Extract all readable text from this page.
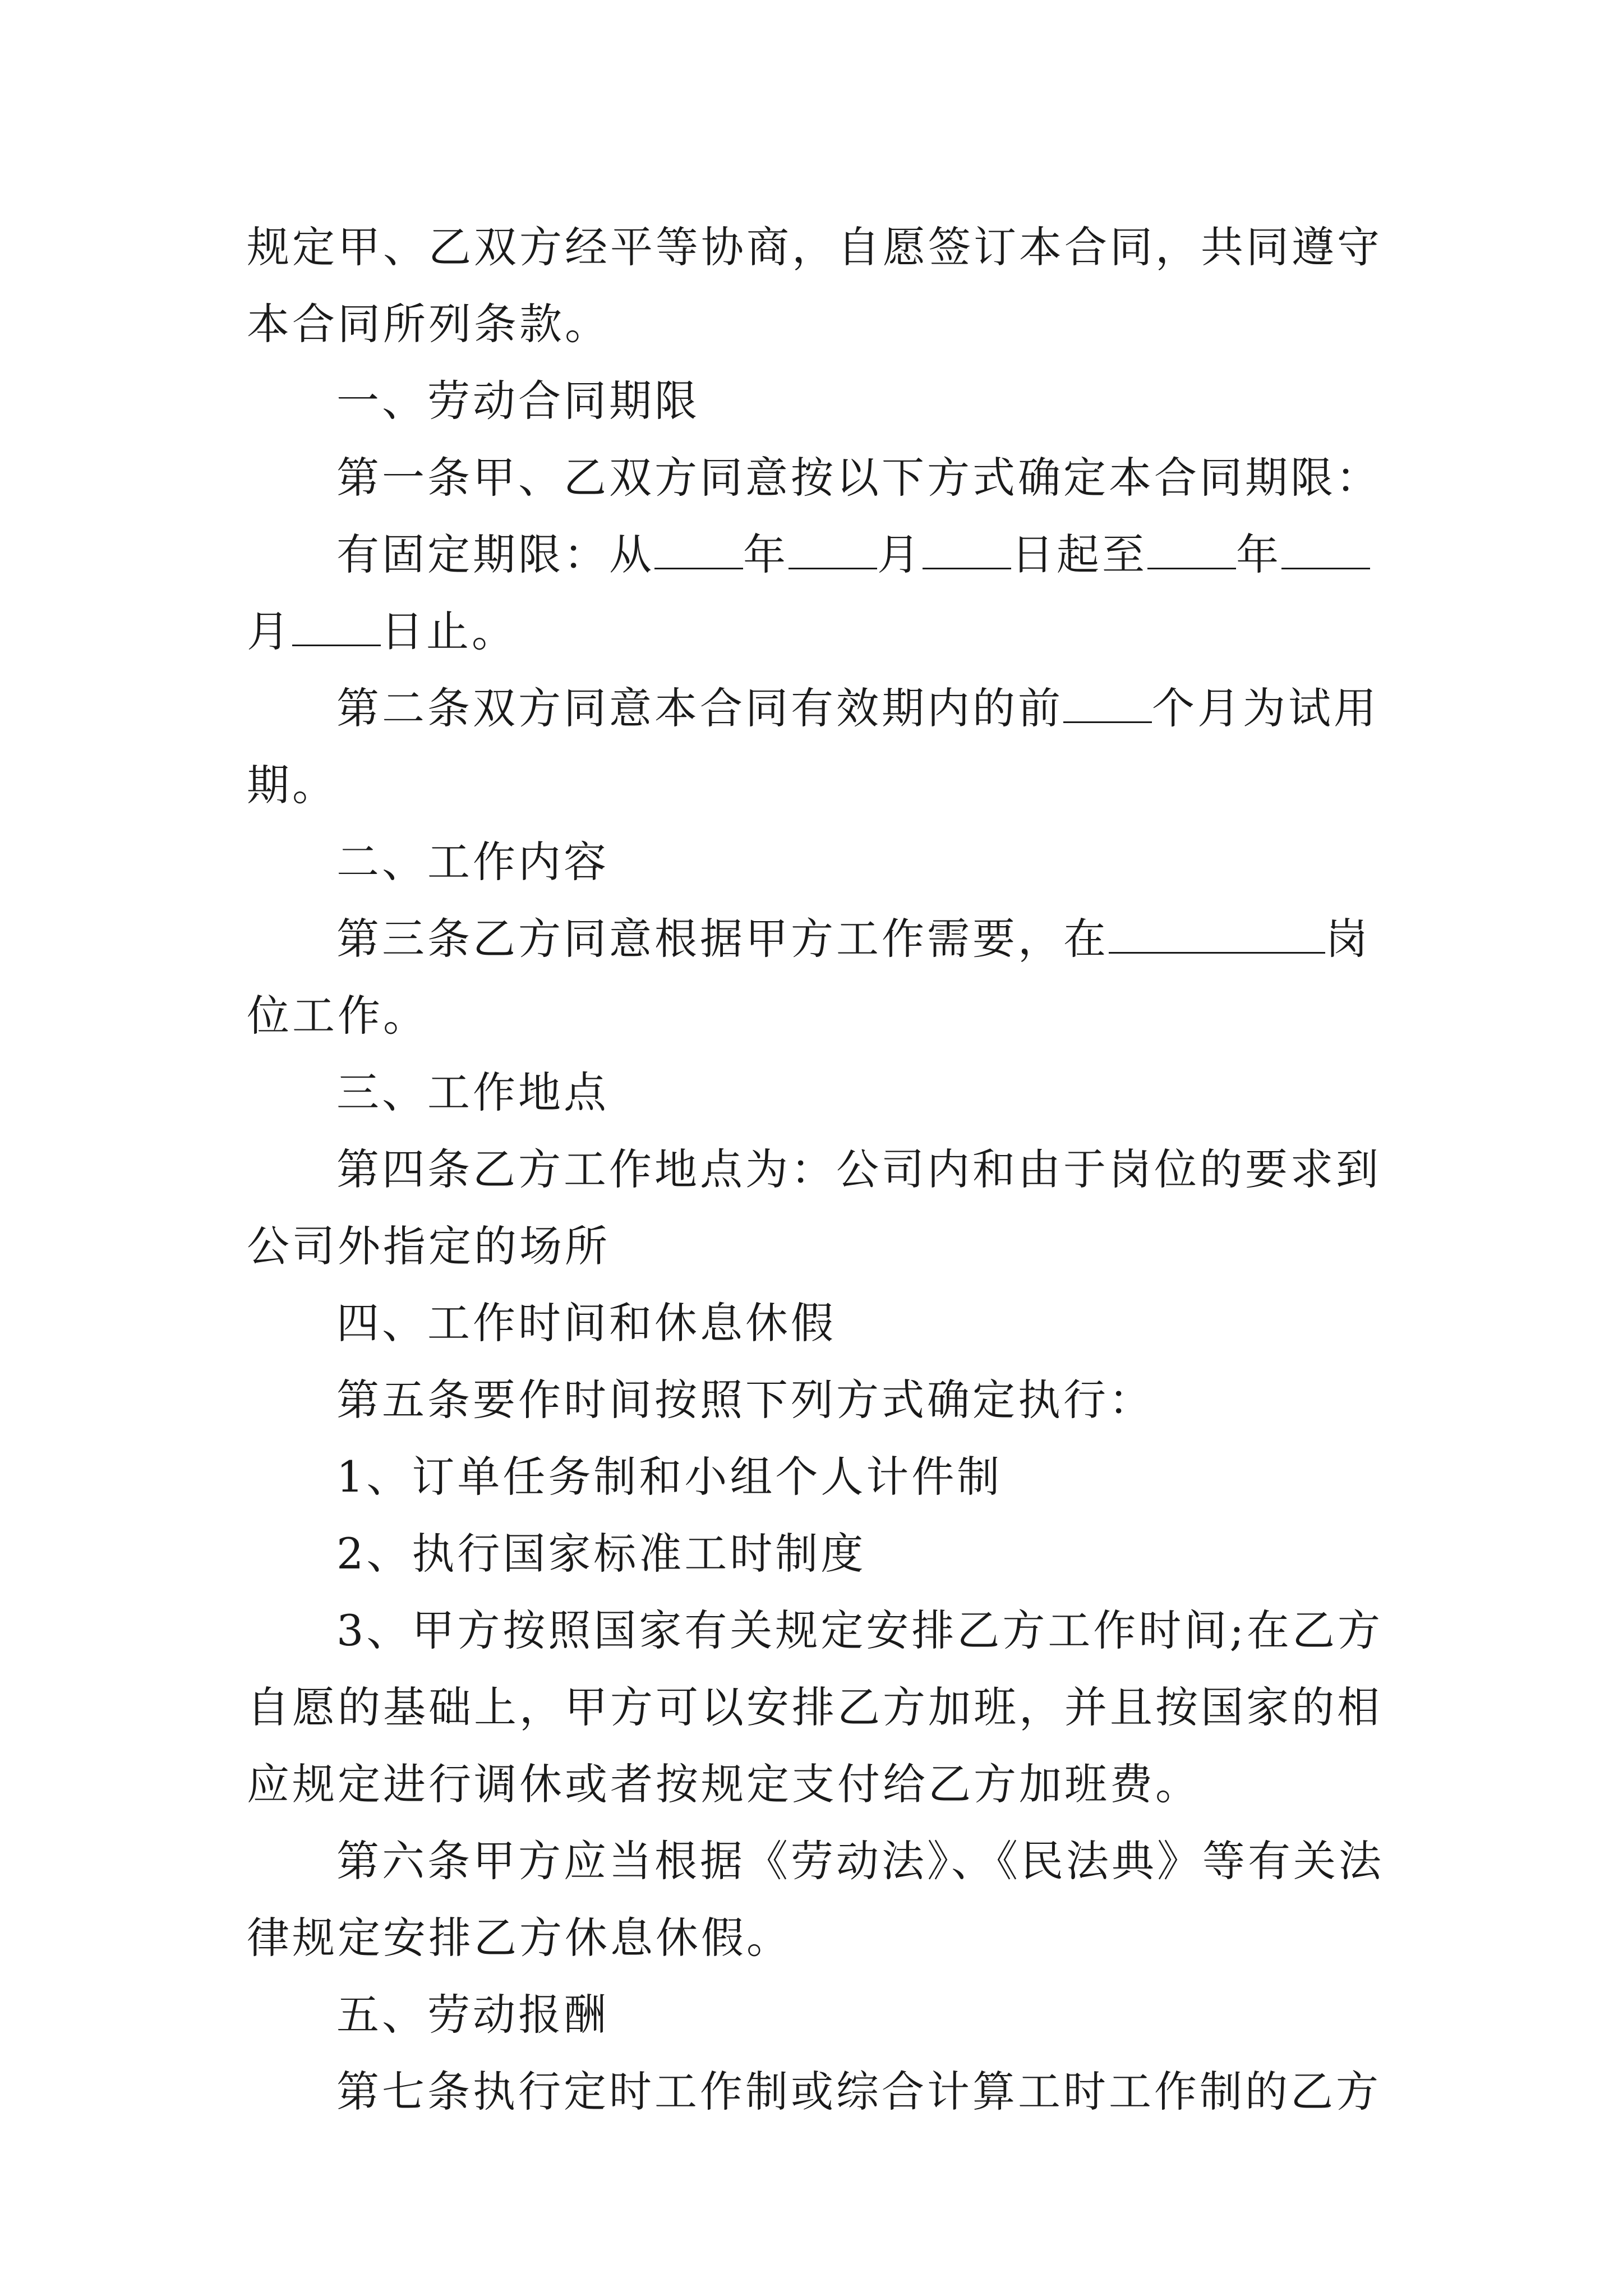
规定甲、乙双方经平等协商，自愿签订本合同，共同遵守本合同所列条款。

一、劳动合同期限

第一条甲、乙双方同意按以下方式确定本合同期限：

有固定期限：从 年 月 日起至 年月 日止。

第二条双方同意本合同有效期内的前 个月为试用期。

二、工作内容

第三条乙方同意根据甲方工作需要，在	岗位工作。

三、工作地点

第四条乙方工作地点为：公司内和由于岗位的要求到公司外指定的场所

四、工作时间和休息休假

第五条要作时间按照下列方式确定执行：

1、订单任务制和小组个人计件制

2、执行国家标准工时制度

3、甲方按照国家有关规定安排乙方工作时间;在乙方自愿的基础上，甲方可以安排乙方加班，并且按国家的相应规定进行调休或者按规定支付给乙方加班费。

第六条甲方应当根据《劳动法》、《民法典》等有关法律规定安排乙方休息休假。

五、劳动报酬

第七条执行定时工作制或综合计算工时工作制的乙方
